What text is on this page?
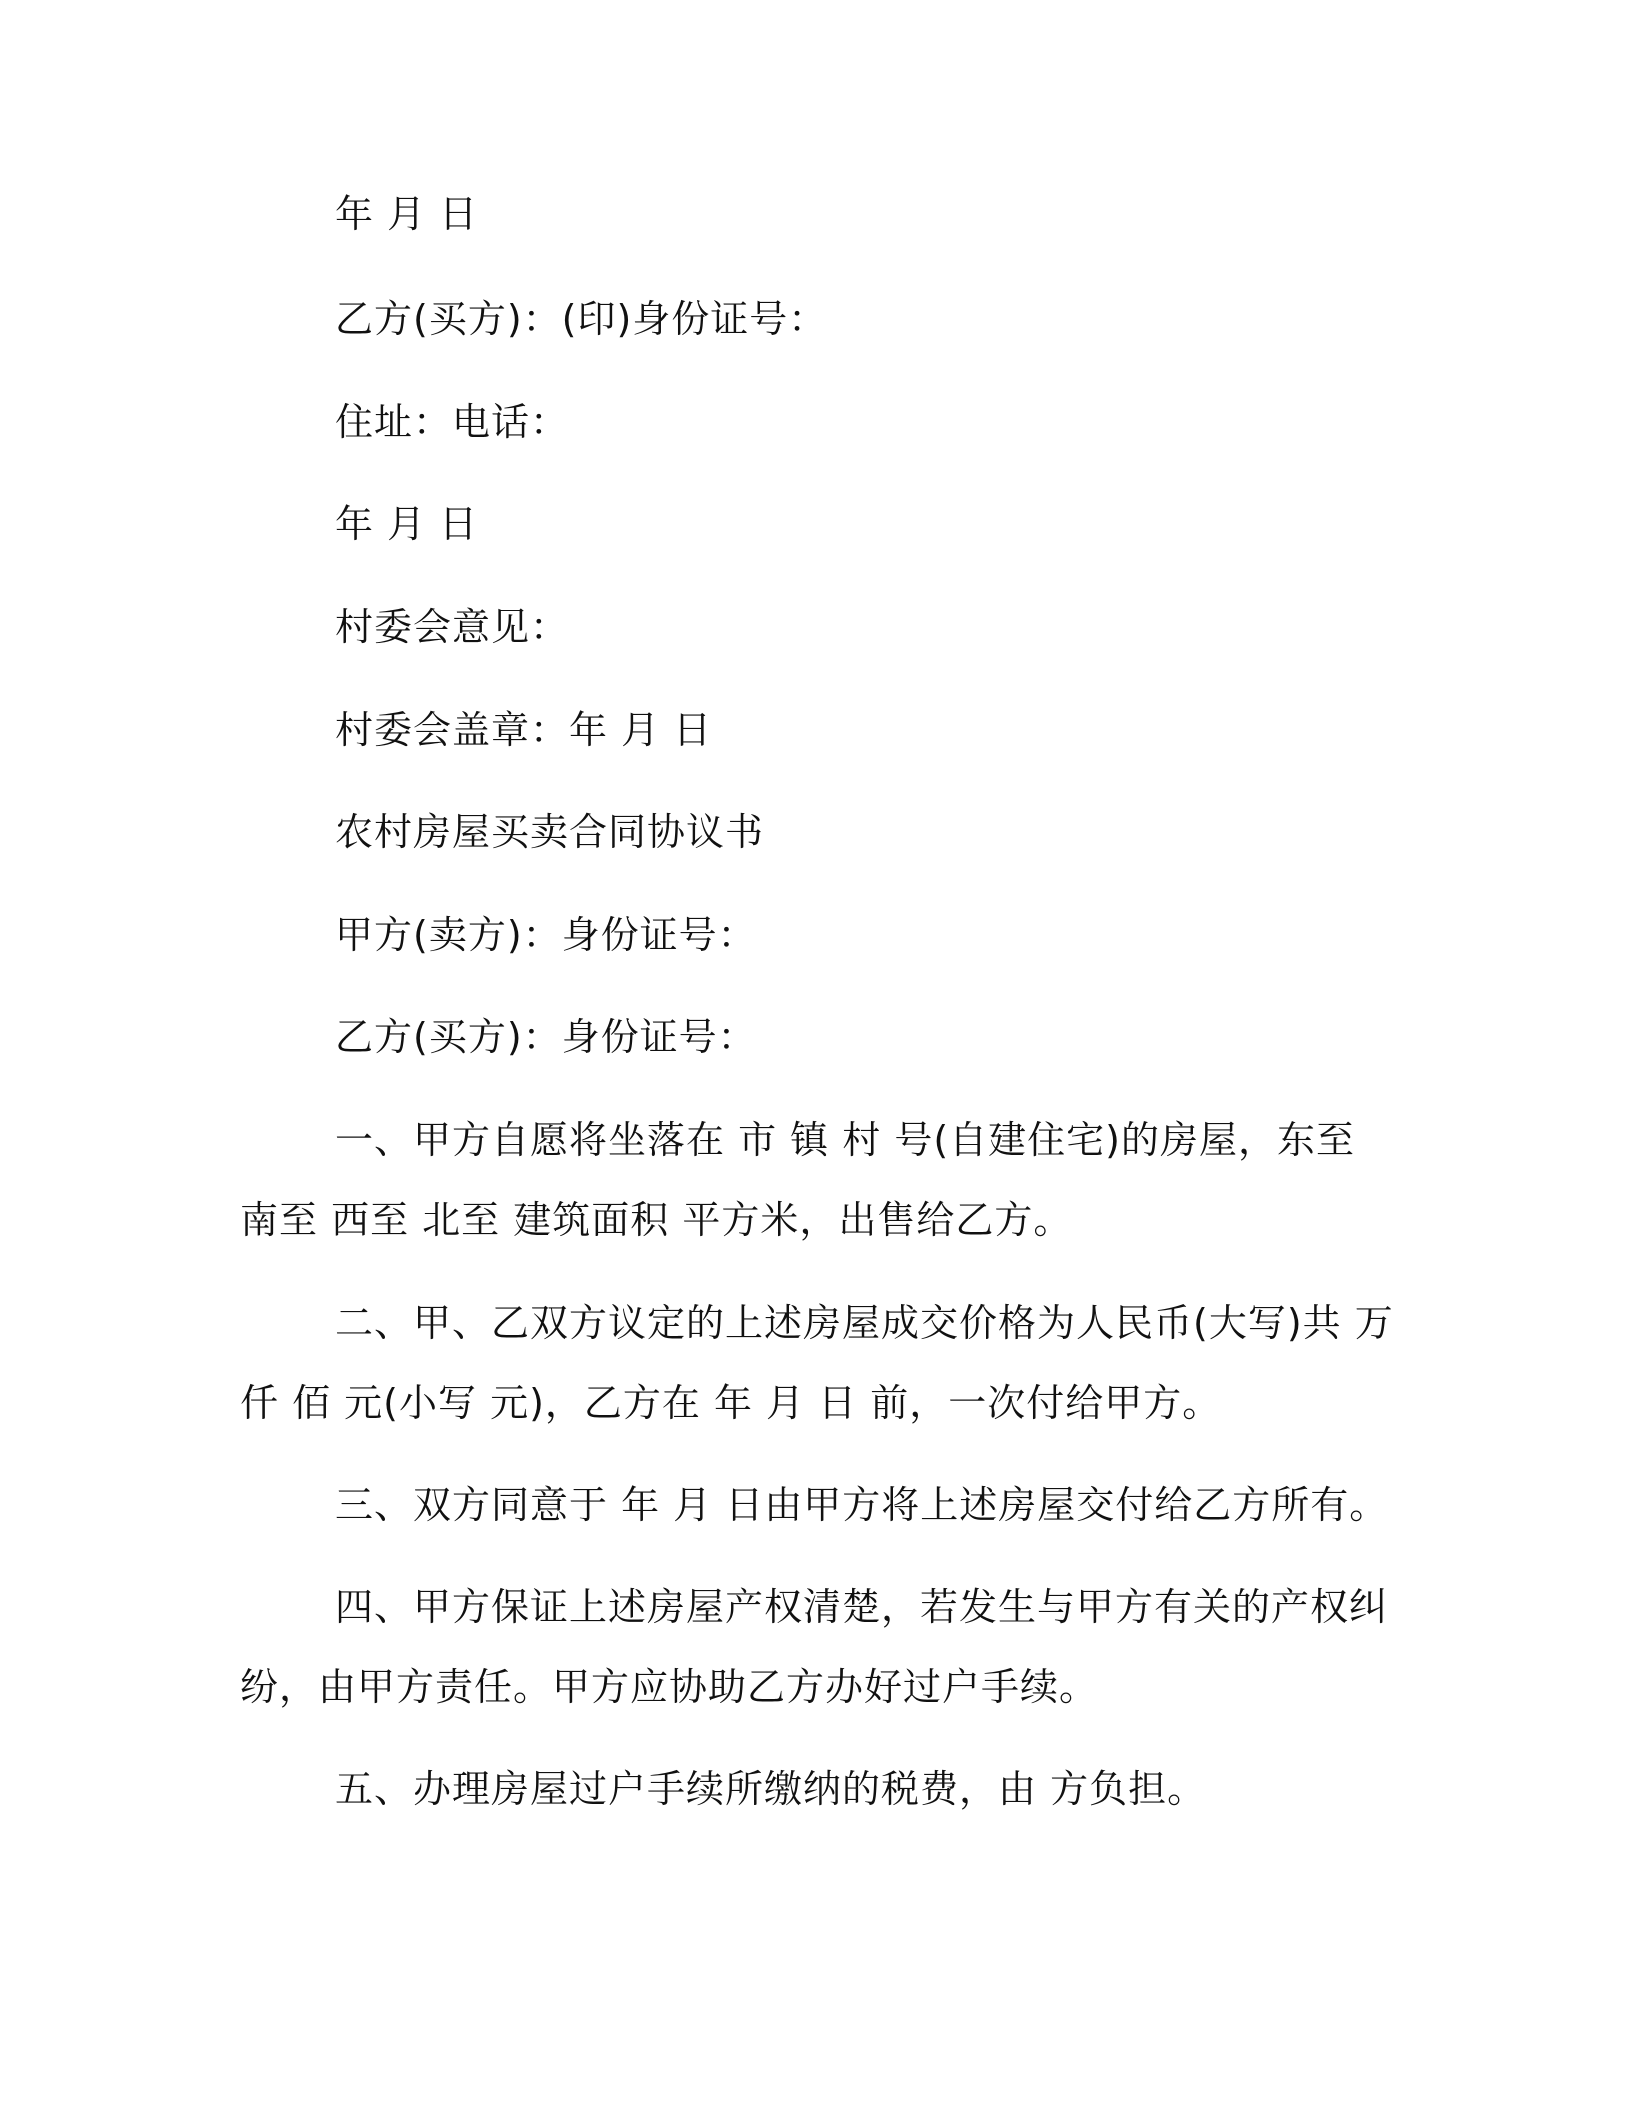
年 月 日
乙方(买方)：(印)身份证号：
住址：电话：
年 月 日
村委会意见：
村委会盖章：年 月 日
农村房屋买卖合同协议书
甲方(卖方)：身份证号：
乙方(买方)：身份证号：
一、甲方自愿将坐落在 市 镇 村 号(自建住宅)的房屋，东至 南至 西至 北至 建筑面积 平方米，出售给乙方。
二、甲、乙双方议定的上述房屋成交价格为人民币(大写)共 万 仟 佰 元(小写 元)，乙方在 年 月 日 前，一次付给甲方。
三、双方同意于 年 月 日由甲方将上述房屋交付给乙方所有。
四、甲方保证上述房屋产权清楚，若发生与甲方有关的产权纠纷，由甲方责任。甲方应协助乙方办好过户手续。
五、办理房屋过户手续所缴纳的税费，由 方负担。
